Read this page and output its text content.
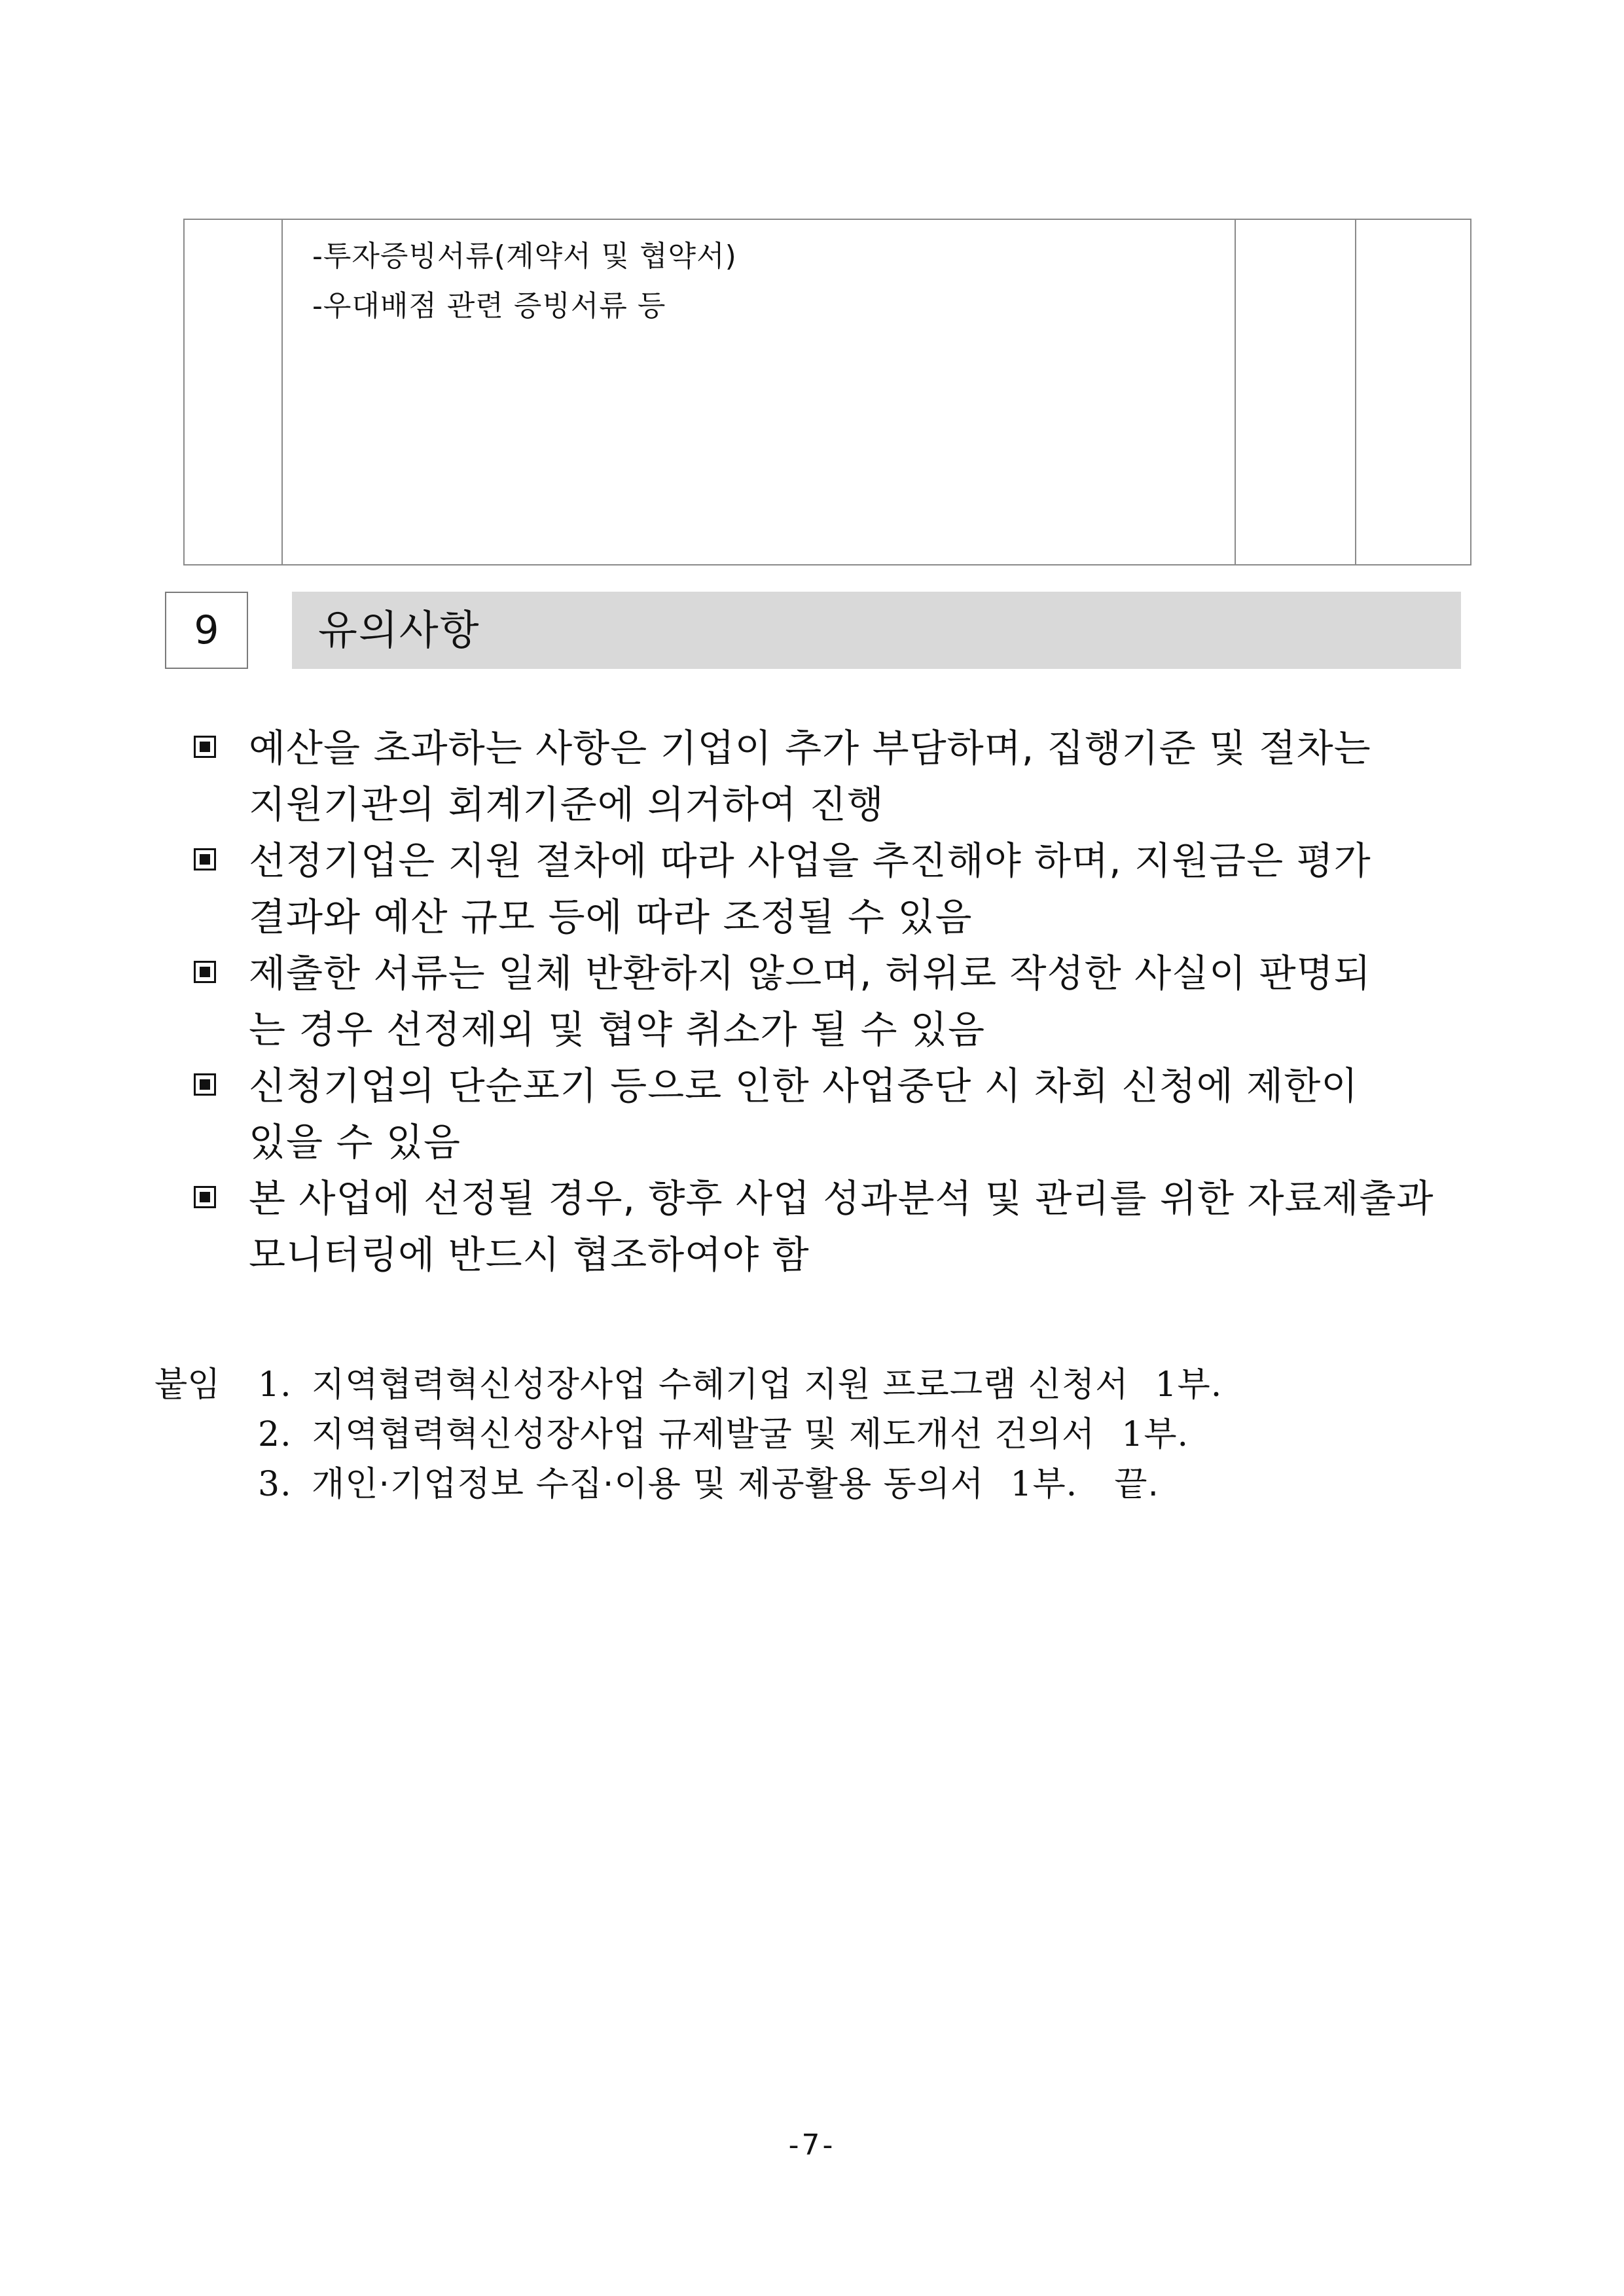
-투자증빙서류(계약서 및 협약서)
-우대배점 관련 증빙서류 등
9	유의사항
예산을 초과하는 사항은 기업이 추가 부담하며, 집행기준 및 절차는
지원기관의 회계기준에 의거하여 진행
선정기업은 지원 절차에 따라 사업을 추진해야 하며, 지원금은 평가
결과와 예산 규모 등에 따라 조정될 수 있음
제출한 서류는 일체 반환하지 않으며, 허위로 작성한 사실이 판명되
는 경우 선정제외 및 협약 취소가 될 수 있음
신청기업의 단순포기 등으로 인한 사업중단 시 차회 신청에 제한이
있을 수 있음
본 사업에 선정될 경우, 향후 사업 성과분석 및 관리를 위한 자료제출과
모니터링에 반드시 협조하여야 함
붙임 1. 지역협력혁신성장사업 수혜기업 지원 프로그램 신청서 1부.
2. 지역협력혁신성장사업 규제발굴 및 제도개선 건의서 1부.
3. 개인·기업정보 수집·이용 및 제공활용 동의서 1부. 끝.
-7-
